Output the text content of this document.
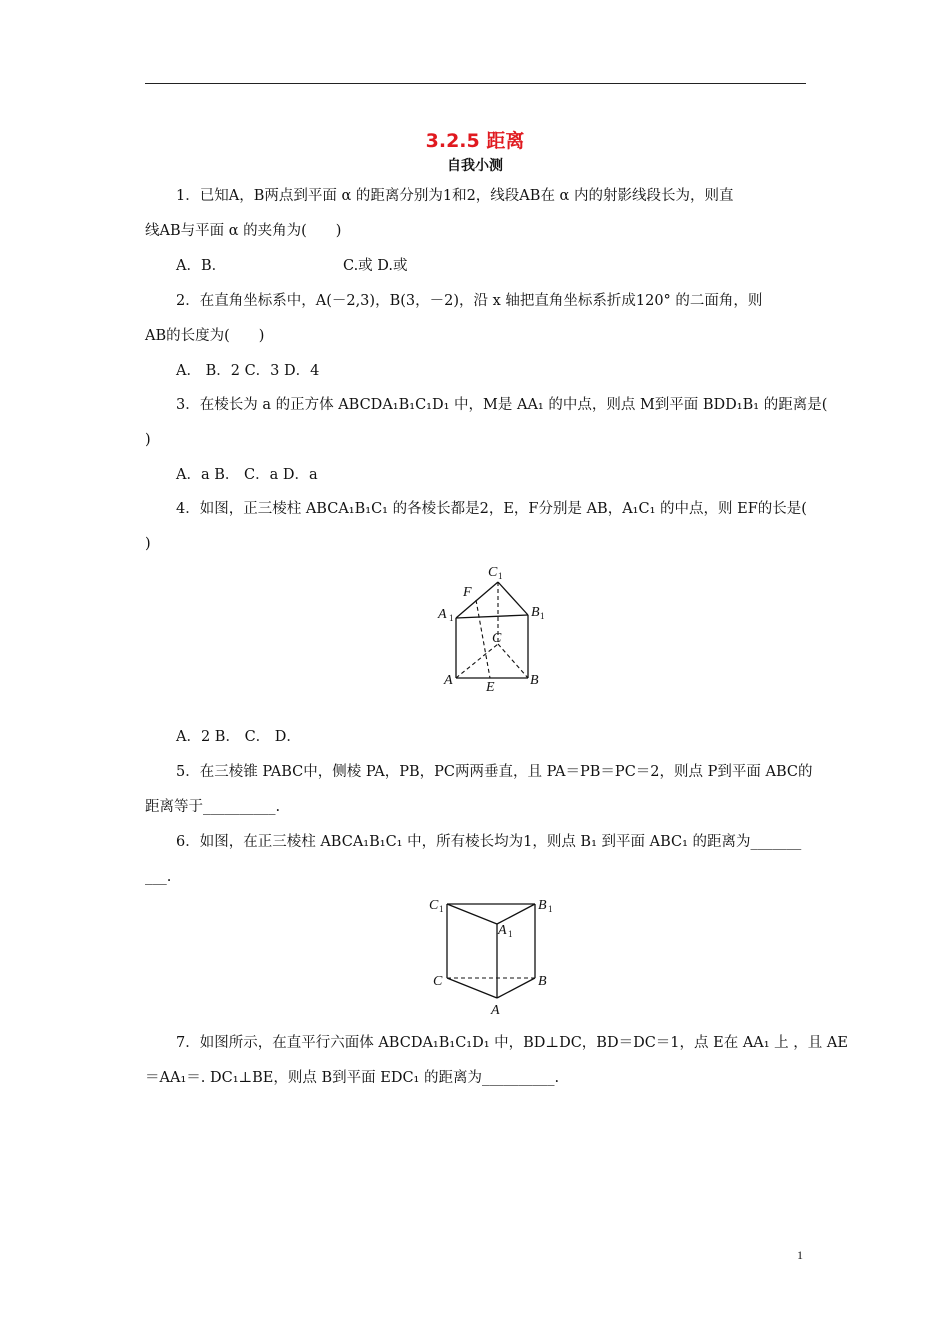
3.2.5 距离
自我小测
1．已知A，B两点到平面 α 的距离分别为1和2，线段AB在 α 内的射影线段长为，则直
线AB与平面 α 的夹角为(　　)
A．B．	C.或 D.或
2．在直角坐标系中，A(－2,3)，B(3，－2)，沿 x 轴把直角坐标系折成120° 的二面角，则
AB的长度为(　　)
A． B．2 C．3 D．4
3．在棱长为 a 的正方体 ABCDA₁B₁C₁D₁ 中，M是 AA₁ 的中点，则点 M到平面 BDD₁B₁ 的距离是(
)
A．a B． C．a D．a
4．如图，正三棱柱 ABCA₁B₁C₁ 的各棱长都是2，E，F分别是 AB，A₁C₁ 的中点，则 EF的长是(
)
C 1
F
A 1	B 1
C
A E	B
A．2 B． C． D．
5．在三棱锥 PABC中，侧棱 PA，PB，PC两两垂直，且 PA＝PB＝PC＝2，则点 P到平面 ABC的
距离等于__________.
6．如图，在正三棱柱 ABCA₁B₁C₁ 中，所有棱长均为1，则点 B₁ 到平面 ABC₁ 的距离为_______
___.
C 1	B 1
A 1
C	B
A
7．如图所示，在直平行六面体 ABCDA₁B₁C₁D₁ 中，BD⊥DC，BD＝DC＝1，点 E在 AA₁ 上 ，且 AE
＝AA₁＝. DC₁⊥BE，则点 B到平面 EDC₁ 的距离为__________.
1
